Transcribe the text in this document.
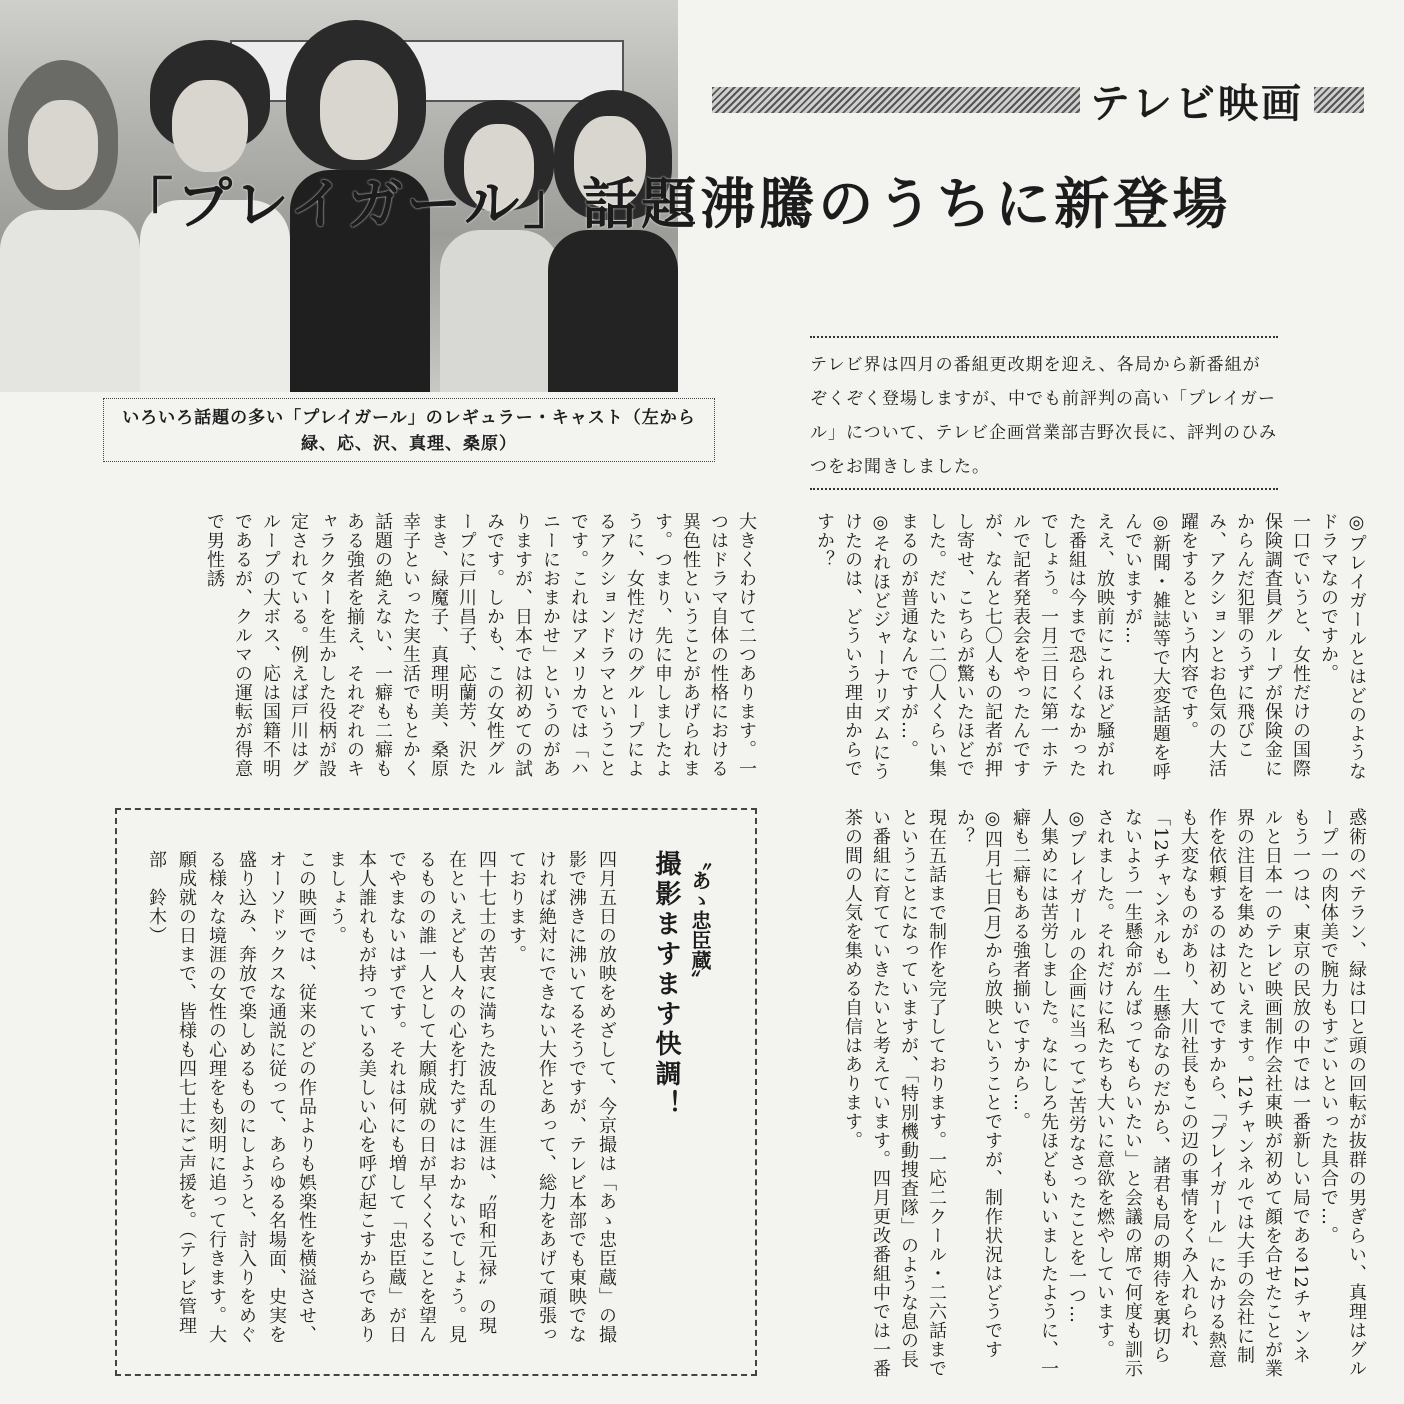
テレビ映画
「プレイガール」話題沸騰のうちに新登場
いろいろ話題の多い「プレイガール」のレギュラー・キャスト（左から緑、応、沢、真理、桑原）

テレビ界は四月の番組更改期を迎え、各局から新番組がぞくぞく登場しますが、中でも前評判の高い「プレイガール」について、テレビ企画営業部吉野次長に、評判のひみつをお聞きしました。

◎プレイガールとはどのようなドラマなのですか。

一口でいうと、女性だけの国際保険調査員グループが保険金にからんだ犯罪のうずに飛びこみ、アクションとお色気の大活躍をするという内容です。

◎新聞・雑誌等で大変話題を呼んでいますが…

ええ、放映前にこれほど騒がれた番組は今まで恐らくなかったでしょう。一月三日に第一ホテルで記者発表会をやったんですが、なんと七〇人もの記者が押し寄せ、こちらが驚いたほどでした。だいたい二〇人くらい集まるのが普通なんですが…。

◎それほどジャーナリズムにうけたのは、どういう理由からですか？

大きくわけて二つあります。一つはドラマ自体の性格における異色性ということがあげられます。つまり、先に申しましたように、女性だけのグループによるアクションドラマということです。これはアメリカでは「ハニーにおまかせ」というのがありますが、日本では初めての試みです。しかも、この女性グループに戸川昌子、応蘭芳、沢たまき、緑魔子、真理明美、桑原幸子といった実生活でもとかく話題の絶えない、一癖も二癖もある強者を揃え、それぞれのキャラクターを生かした役柄が設定されている。例えば戸川はグループの大ボス、応は国籍不明であるが、クルマの運転が得意で男性誘

惑術のベテラン、緑は口と頭の回転が抜群の男ぎらい、真理はグループ一の肉体美で腕力もすごいといった具合で…。

もう一つは、東京の民放の中では一番新しい局である12チャンネルと日本一のテレビ映画制作会社東映が初めて顔を合せたことが業界の注目を集めたといえます。12チャンネルでは大手の会社に制作を依頼するのは初めてですから、「プレイガール」にかける熱意も大変なものがあり、大川社長もこの辺の事情をくみ入れられ、「12チャンネルも一生懸命なのだから、諸君も局の期待を裏切らないよう一生懸命がんばってもらいたい」と会議の席で何度も訓示されました。それだけに私たちも大いに意欲を燃やしています。

◎プレイガールの企画に当ってご苦労なさったことを一つ…

人集めには苦労しました。なにしろ先ほどもいいましたように、一癖も二癖もある強者揃いですから…。

◎四月七日(月)から放映ということですが、制作状況はどうですか？

現在五話まで制作を完了しております。一応二クール・二六話までということになっていますが、「特別機動捜査隊」のような息の長い番組に育てていきたいと考えています。四月更改番組中では一番茶の間の人気を集める自信はあります。

〝あゝ忠臣蔵〟
撮影ますます快調！

四月五日の放映をめざして、今京撮は「あゝ忠臣蔵」の撮影で沸きに沸いてるそうですが、テレビ本部でも東映でなければ絶対にできない大作とあって、総力をあげて頑張っております。

四十七士の苦衷に満ちた波乱の生涯は、〝昭和元禄〟の現在といえども人々の心を打たずにはおかないでしょう。見るものの誰一人として大願成就の日が早くくることを望んでやまないはずです。それは何にも増して「忠臣蔵」が日本人誰れもが持っている美しい心を呼び起こすからでありましょう。

この映画では、従来のどの作品よりも娯楽性を横溢させ、オーソドックスな通説に従って、あらゆる名場面、史実を盛り込み、奔放で楽しめるものにしようと、討入りをめぐる様々な境涯の女性の心理をも刻明に追って行きます。大願成就の日まで、皆様も四七士にご声援を。（テレビ管理部　鈴木）
